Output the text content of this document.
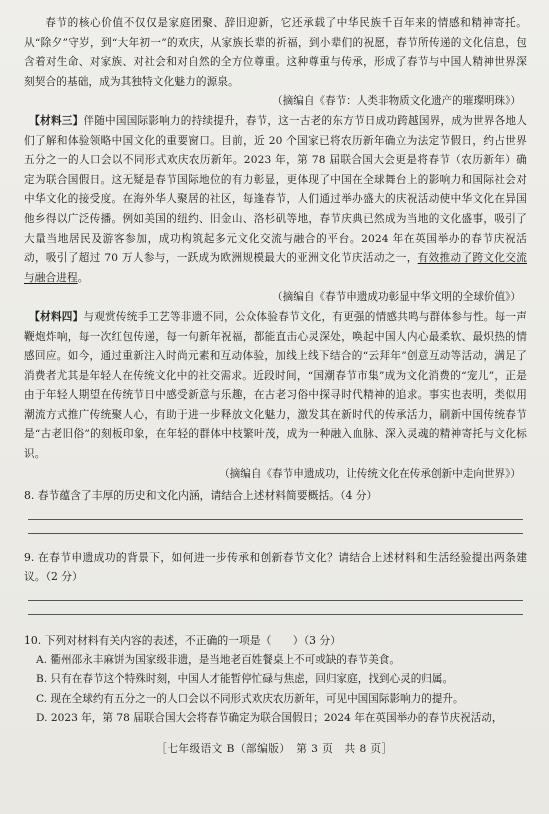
春节的核心价值不仅仅是家庭团聚、辞旧迎新，它还承载了中华民族千百年来的情感和精神寄托。从“除夕”守岁，到“大年初一”的欢庆，从家族长辈的祈福，到小辈们的祝愿，春节所传递的文化信息，包含着对生命、对家族、对社会和对自然的全方位尊重。这种尊重与传承，形成了春节与中国人精神世界深刻契合的基础，成为其独特文化魅力的源泉。

（摘编自《春节：人类非物质文化遗产的璀璨明珠》）

【材料三】伴随中国国际影响力的持续提升，春节，这一古老的东方节日成功跨越国界，成为世界各地人们了解和体验领略中国文化的重要窗口。目前，近 20 个国家已将农历新年确立为法定节假日，约占世界五分之一的人口会以不同形式欢庆农历新年。2023 年，第 78 届联合国大会更是将春节（农历新年）确定为联合国假日。这无疑是春节国际地位的有力彰显，更体现了中国在全球舞台上的影响力和国际社会对中华文化的接受度。在海外华人聚居的社区，每逢春节，人们通过举办盛大的庆祝活动使中华文化在异国他乡得以广泛传播。例如美国的纽约、旧金山、洛杉矶等地，春节庆典已然成为当地的文化盛事，吸引了大量当地居民及游客参加，成功构筑起多元文化交流与融合的平台。2024 年在英国举办的春节庆祝活动，吸引了超过 70 万人参与，一跃成为欧洲规模最大的亚洲文化节庆活动之一，有效推动了跨文化交流与融合进程。

（摘编自《春节申遗成功彰显中华文明的全球价值》）

【材料四】与观赏传统手工艺等非遗不同，公众体验春节文化，有更强的情感共鸣与群体参与性。每一声鞭炮炸响，每一次红包传递，每一句新年祝福，都能直击心灵深处，唤起中国人内心最柔软、最炽热的情感回应。如今，通过重新注入时尚元素和互动体验，加线上线下结合的“云拜年”创意互动等活动，满足了消费者尤其是年轻人在传统文化中的社交需求。近段时间，“国潮春节市集”成为文化消费的“宠儿”，正是由于年轻人期望在传统节日中感受新意与乐趣，在古老习俗中探寻时代精神的追求。事实也表明，类似用潮流方式推广传统聚人心，有助于进一步释放文化魅力，激发其在新时代的传承活力，刷新中国传统春节是“古老旧俗”的刻板印象，在年轻的群体中枝繁叶茂，成为一种融入血脉、深入灵魂的精神寄托与文化标识。

（摘编自《春节申遗成功，让传统文化在传承创新中走向世界》）

8. 春节蕴含了丰厚的历史和文化内涵，请结合上述材料简要概括。（4 分）

9. 在春节申遗成功的背景下，如何进一步传承和创新春节文化？请结合上述材料和生活经验提出两条建议。（2 分）

10. 下列对材料有关内容的表述，不正确的一项是（　　）（3 分）

A. 衢州邵永丰麻饼为国家级非遗，是当地老百姓餐桌上不可或缺的春节美食。

B. 只有在春节这个特殊时刻，中国人才能暂停忙碌与焦虑，回归家庭，找到心灵的归属。

C. 现在全球约有五分之一的人口会以不同形式欢庆农历新年，可见中国国际影响力的提升。

D. 2023 年，第 78 届联合国大会将春节确定为联合国假日；2024 年在英国举办的春节庆祝活动，

［七年级语文 B（部编版）　第 3 页　共 8 页］
